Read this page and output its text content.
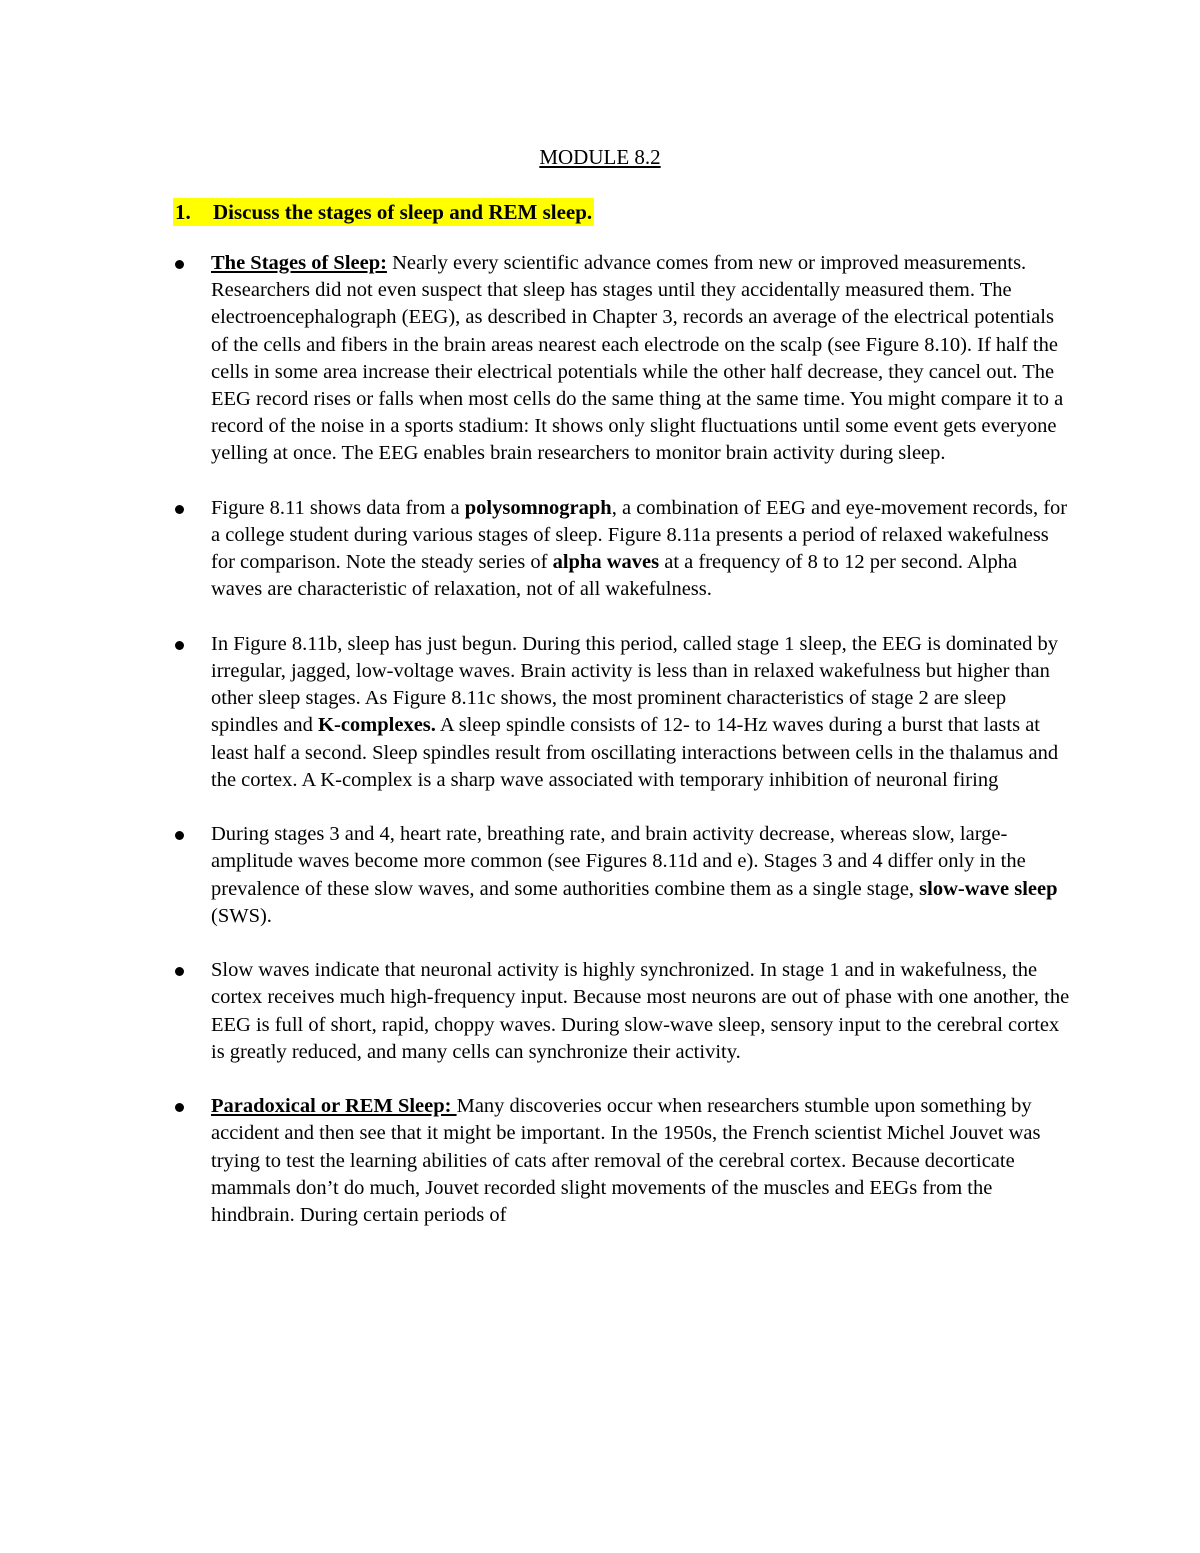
MODULE 8.2
1. Discuss the stages of sleep and REM sleep.
The Stages of Sleep: Nearly every scientific advance comes from new or improved measurements. Researchers did not even suspect that sleep has stages until they accidentally measured them. The electroencephalograph (EEG), as described in Chapter 3, records an average of the electrical potentials of the cells and fibers in the brain areas nearest each electrode on the scalp (see Figure 8.10). If half the cells in some area increase their electrical potentials while the other half decrease, they cancel out. The EEG record rises or falls when most cells do the same thing at the same time. You might compare it to a record of the noise in a sports stadium: It shows only slight fluctuations until some event gets everyone yelling at once. The EEG enables brain researchers to monitor brain activity during sleep.
Figure 8.11 shows data from a polysomnograph, a combination of EEG and eye-movement records, for a college student during various stages of sleep. Figure 8.11a presents a period of relaxed wakefulness for comparison. Note the steady series of alpha waves at a frequency of 8 to 12 per second. Alpha waves are characteristic of relaxation, not of all wakefulness.
In Figure 8.11b, sleep has just begun. During this period, called stage 1 sleep, the EEG is dominated by irregular, jagged, low-voltage waves. Brain activity is less than in relaxed wakefulness but higher than other sleep stages. As Figure 8.11c shows, the most prominent characteristics of stage 2 are sleep spindles and K-complexes. A sleep spindle consists of 12- to 14-Hz waves during a burst that lasts at least half a second. Sleep spindles result from oscillating interactions between cells in the thalamus and the cortex. A K-complex is a sharp wave associated with temporary inhibition of neuronal firing
During stages 3 and 4, heart rate, breathing rate, and brain activity decrease, whereas slow, large-amplitude waves become more common (see Figures 8.11d and e). Stages 3 and 4 differ only in the prevalence of these slow waves, and some authorities combine them as a single stage, slow-wave sleep (SWS).
Slow waves indicate that neuronal activity is highly synchronized. In stage 1 and in wakefulness, the cortex receives much high-frequency input. Because most neurons are out of phase with one another, the EEG is full of short, rapid, choppy waves. During slow-wave sleep, sensory input to the cerebral cortex is greatly reduced, and many cells can synchronize their activity.
Paradoxical or REM Sleep: Many discoveries occur when researchers stumble upon something by accident and then see that it might be important. In the 1950s, the French scientist Michel Jouvet was trying to test the learning abilities of cats after removal of the cerebral cortex. Because decorticate mammals don’t do much, Jouvet recorded slight movements of the muscles and EEGs from the hindbrain. During certain periods of
